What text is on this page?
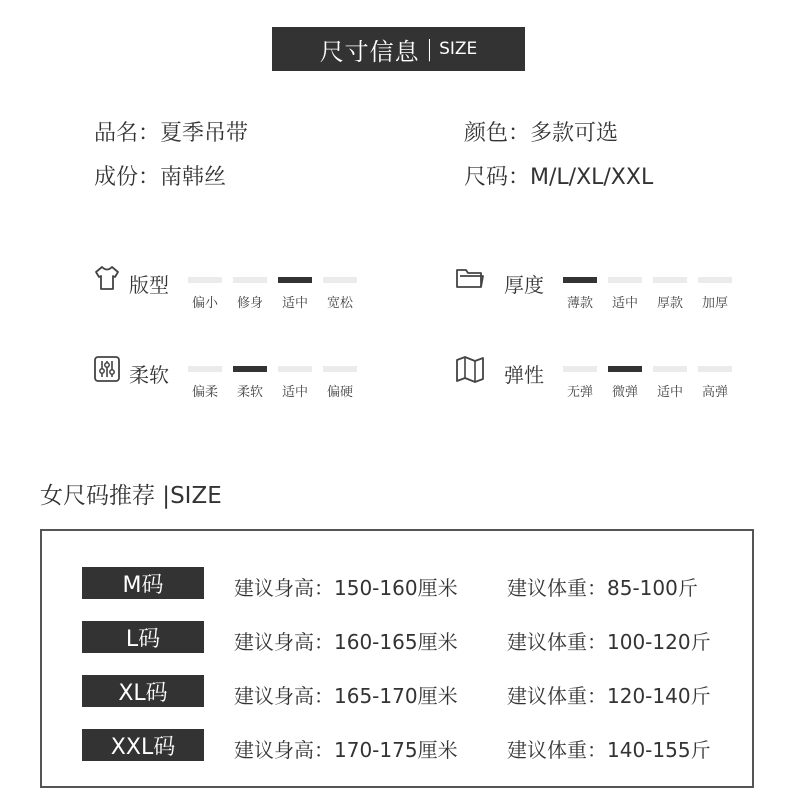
尺寸信息 | SIZE
品名：夏季吊带
成份：南韩丝
颜色：多款可选
尺码：M/L/XL/XXL
版型
偏小	修身	适中	宽松
厚度
薄款	适中	厚款	加厚
柔软
偏柔	柔软	适中	偏硬
弹性
无弹	微弹	适中	高弹
女尺码推荐 |SIZE
M码	建议身高：150-160厘米 建议体重：85-100斤
L码	建议身高：160-165厘米 建议体重：100-120斤
XL码	建议身高：165-170厘米 建议体重：120-140斤
XXL码	建议身高：170-175厘米 建议体重：140-155斤
